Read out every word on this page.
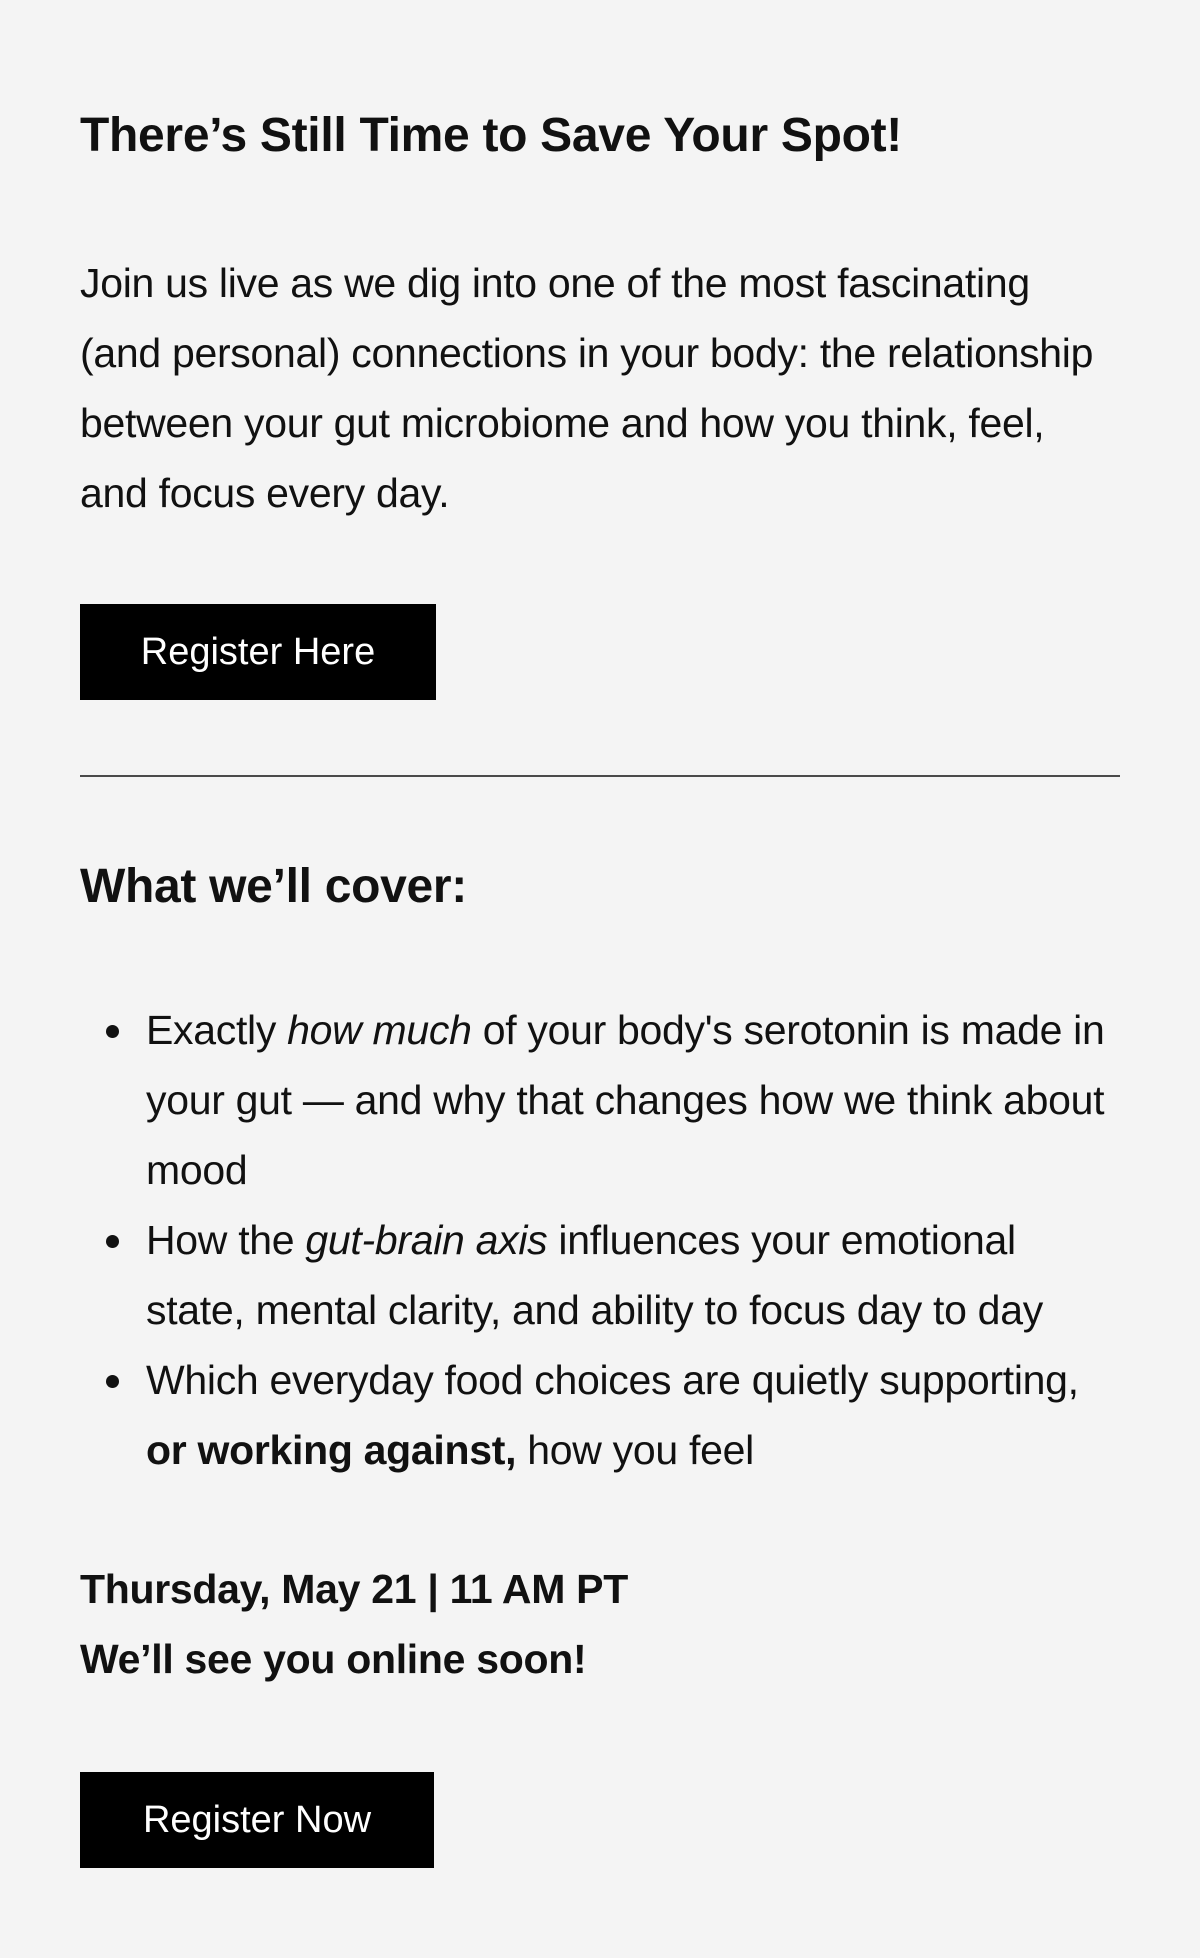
There’s Still Time to Save Your Spot!

Join us live as we dig into one of the most fascinating (and personal) connections in your body: the relationship between your gut microbiome and how you think, feel, and focus every day.

Register Here
What we’ll cover:
Exactly how much of your body's serotonin is made in your gut — and why that changes how we think about mood
How the gut-brain axis influences your emotional state, mental clarity, and ability to focus day to day
Which everyday food choices are quietly supporting, or working against, how you feel

Thursday, May 21 | 11 AM PT

We’ll see you online soon!

Register Now
